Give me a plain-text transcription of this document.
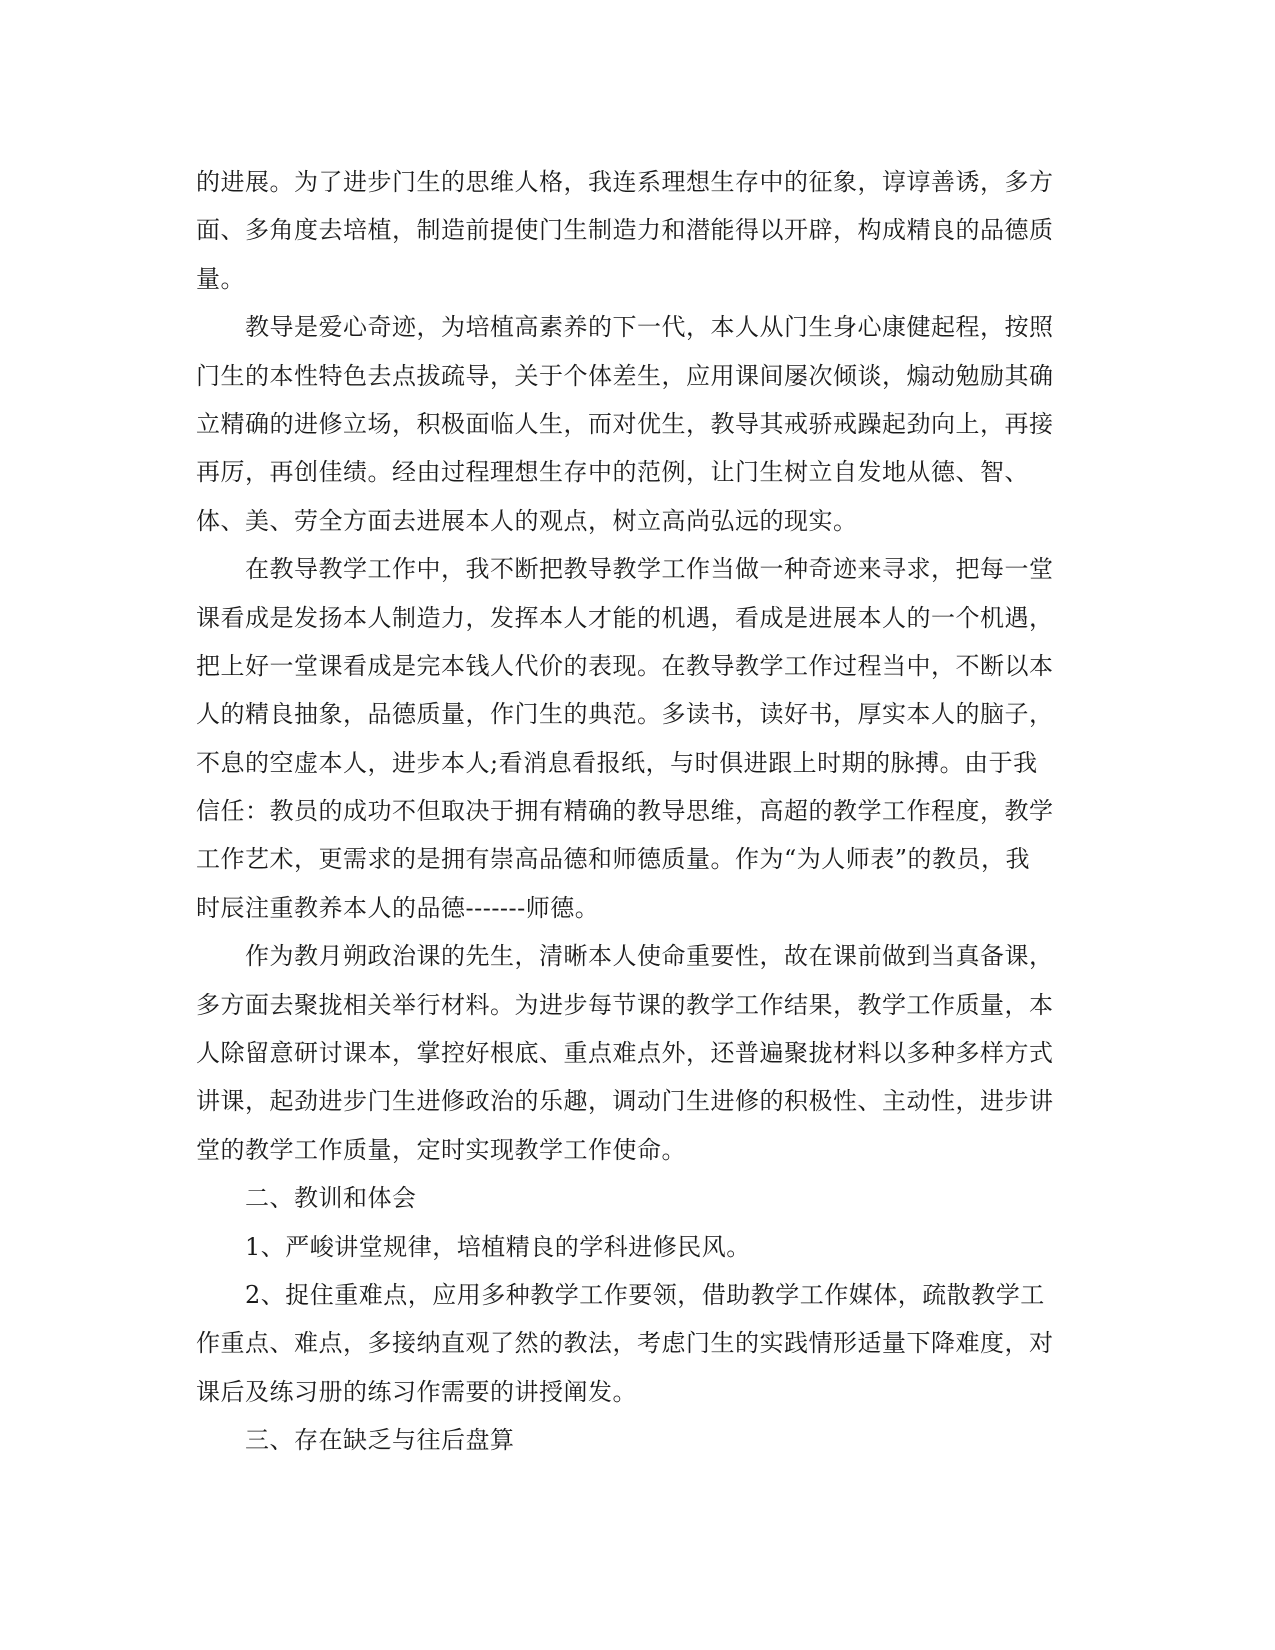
的进展。为了进步门生的思维人格，我连系理想生存中的征象，谆谆善诱，多方
面、多角度去培植，制造前提使门生制造力和潜能得以开辟，构成精良的品德质
量。
教导是爱心奇迹，为培植高素养的下一代，本人从门生身心康健起程，按照
门生的本性特色去点拔疏导，关于个体差生，应用课间屡次倾谈，煽动勉励其确
立精确的进修立场，积极面临人生，而对优生，教导其戒骄戒躁起劲向上，再接
再厉，再创佳绩。经由过程理想生存中的范例，让门生树立自发地从德、智、
体、美、劳全方面去进展本人的观点，树立高尚弘远的现实。
在教导教学工作中，我不断把教导教学工作当做一种奇迹来寻求，把每一堂
课看成是发扬本人制造力，发挥本人才能的机遇，看成是进展本人的一个机遇，
把上好一堂课看成是完本钱人代价的表现。在教导教学工作过程当中，不断以本
人的精良抽象，品德质量，作门生的典范。多读书，读好书，厚实本人的脑子，
不息的空虚本人，进步本人;看消息看报纸，与时俱进跟上时期的脉搏。由于我
信任：教员的成功不但取决于拥有精确的教导思维，高超的教学工作程度，教学
工作艺术，更需求的是拥有崇高品德和师德质量。作为“为人师表”的教员，我
时辰注重教养本人的品德-------师德。
作为教月朔政治课的先生，清晰本人使命重要性，故在课前做到当真备课，
多方面去聚拢相关举行材料。为进步每节课的教学工作结果，教学工作质量，本
人除留意研讨课本，掌控好根底、重点难点外，还普遍聚拢材料以多种多样方式
讲课，起劲进步门生进修政治的乐趣，调动门生进修的积极性、主动性，进步讲
堂的教学工作质量，定时实现教学工作使命。
二、教训和体会
1、严峻讲堂规律，培植精良的学科进修民风。
2、捉住重难点，应用多种教学工作要领，借助教学工作媒体，疏散教学工
作重点、难点，多接纳直观了然的教法，考虑门生的实践情形适量下降难度，对
课后及练习册的练习作需要的讲授阐发。
三、存在缺乏与往后盘算
